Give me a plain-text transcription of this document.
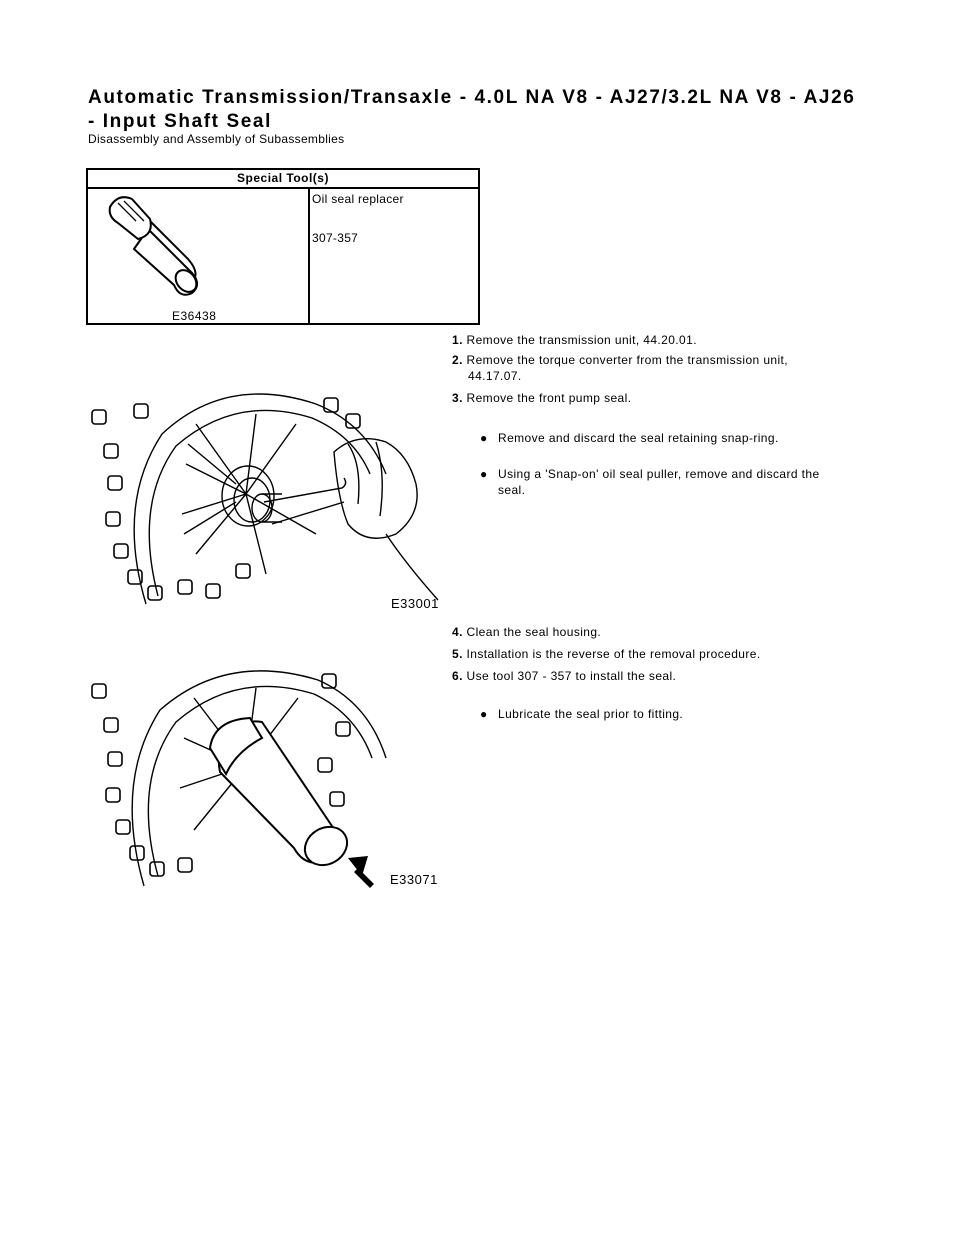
Automatic Transmission/Transaxle - 4.0L NA V8 - AJ27/3.2L NA V8 - AJ26
- Input Shaft Seal
Disassembly and Assembly of Subassemblies
Special Tool(s)
E36438
Oil seal replacer
307-357
E33001
E33071
1. Remove the transmission unit, 44.20.01.
2. Remove the torque converter from the transmission unit,
44.17.07.
3. Remove the front pump seal.
● Remove and discard the seal retaining snap-ring.
● Using a 'Snap-on' oil seal puller, remove and discard the
seal.
4. Clean the seal housing.
5. Installation is the reverse of the removal procedure.
6. Use tool 307 - 357 to install the seal.
● Lubricate the seal prior to fitting.
